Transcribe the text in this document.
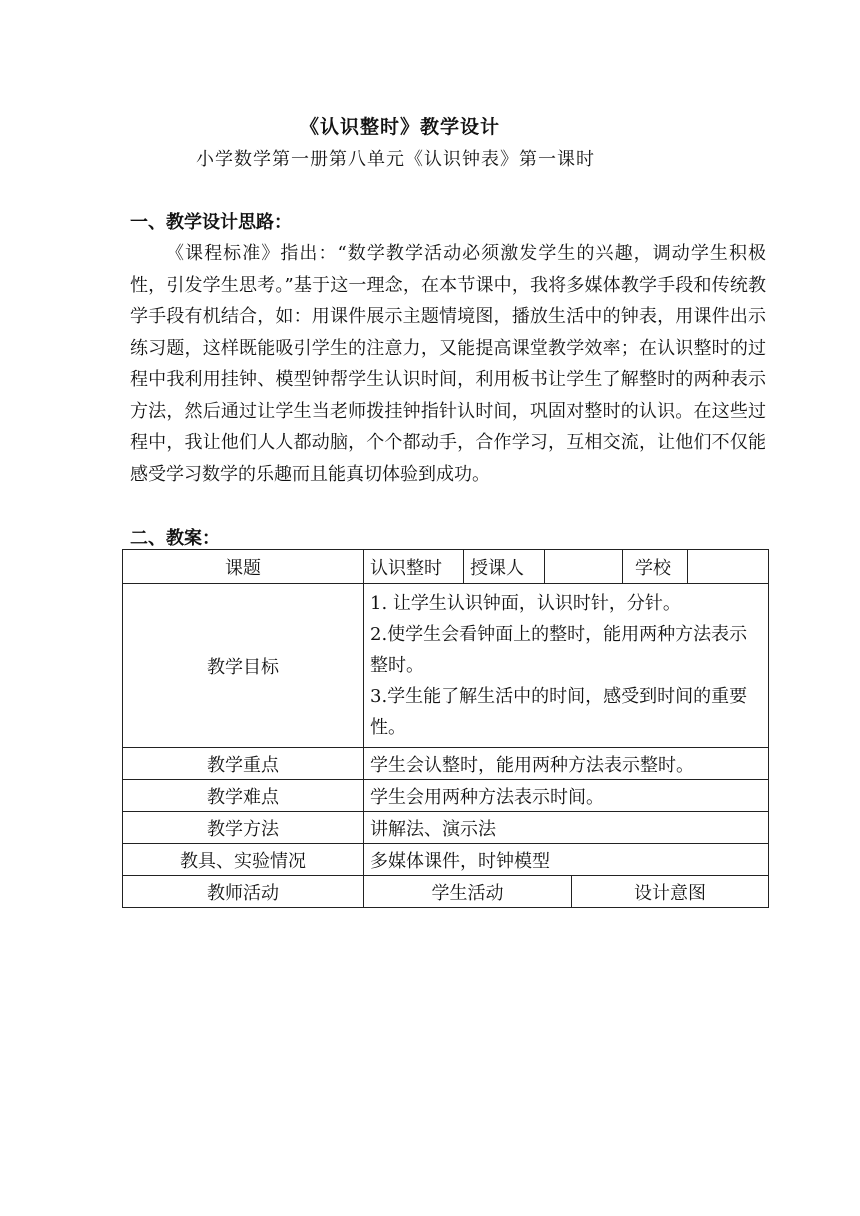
《认识整时》教学设计
小学数学第一册第八单元《认识钟表》第一课时
一、教学设计思路：

《课程标准》指出：“数学教学活动必须激发学生的兴趣，调动学生积极性，引发学生思考。”基于这一理念，在本节课中，我将多媒体教学手段和传统教学手段有机结合，如：用课件展示主题情境图，播放生活中的钟表，用课件出示练习题，这样既能吸引学生的注意力，又能提高课堂教学效率；在认识整时的过程中我利用挂钟、模型钟帮学生认识时间，利用板书让学生了解整时的两种表示方法，然后通过让学生当老师拨挂钟指针认时间，巩固对整时的认识。在这些过程中，我让他们人人都动脑，个个都动手，合作学习，互相交流，让他们不仅能感受学习数学的乐趣而且能真切体验到成功。

二、教案：
课题	认识整时	授课人			学校	
教学目标	1. 让学生认识钟面，认识时针，分针。
2.使学生会看钟面上的整时，能用两种方法表示整时。
3.学生能了解生活中的时间，感受到时间的重要性。					

教学重点	学生会认整时，能用两种方法表示整时。					
教学难点	学生会用两种方法表示时间。					
教学方法	讲解法、演示法					
教具、实验情况	多媒体课件，时钟模型					
教师活动	学生活动			设计意图		
